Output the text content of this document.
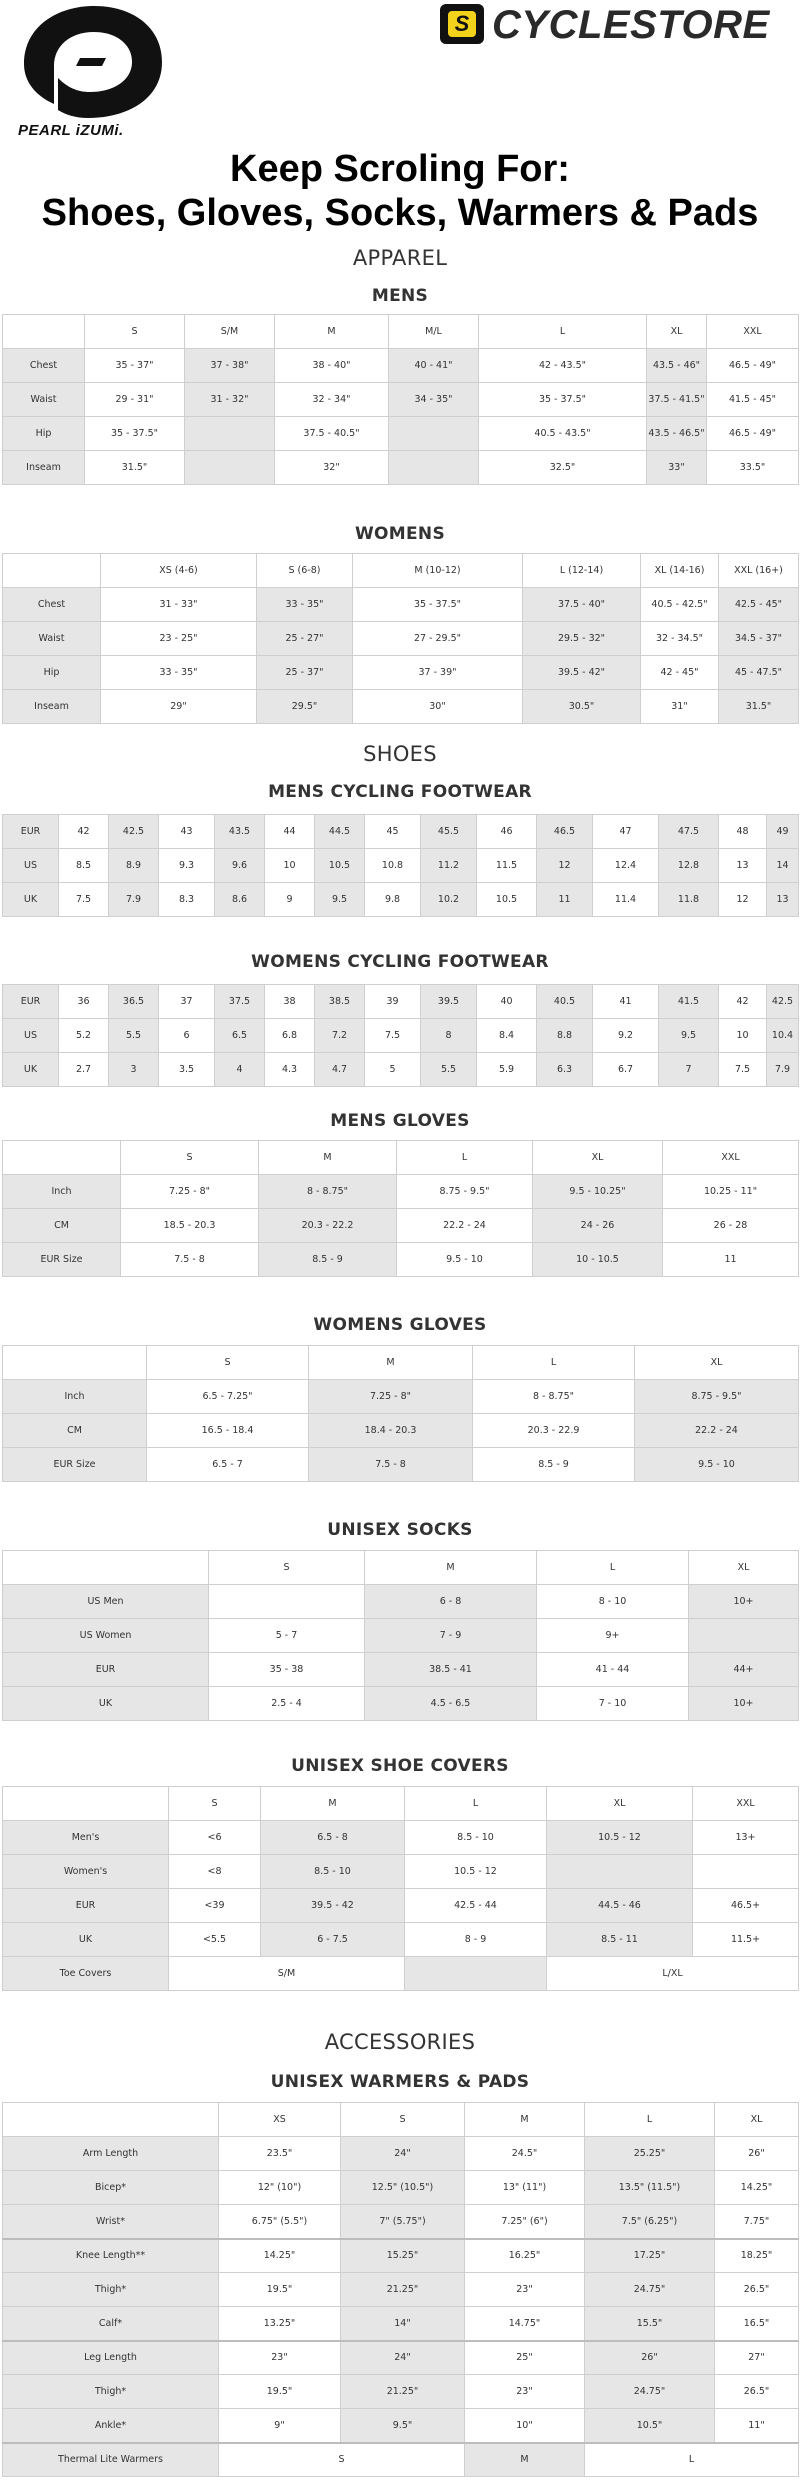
PEARL iZUMi.
S CYCLESTORE
Keep Scroling For:
Shoes, Gloves, Socks, Warmers & Pads
APPAREL
MENS
	S	S/M	M	M/L	L	XL	XXL
Chest	35 - 37"	37 - 38"	38 - 40"	40 - 41"	42 - 43.5"	43.5 - 46"	46.5 - 49"
Waist	29 - 31"	31 - 32"	32 - 34"	34 - 35"	35 - 37.5"	37.5 - 41.5"	41.5 - 45"
Hip	35 - 37.5"		37.5 - 40.5"		40.5 - 43.5"	43.5 - 46.5"	46.5 - 49"
Inseam	31.5"		32"		32.5"	33"	33.5"
WOMENS
	XS (4-6)	S (6-8)	M (10-12)	L (12-14)	XL (14-16)	XXL (16+)
Chest	31 - 33"	33 - 35"	35 - 37.5"	37.5 - 40"	40.5 - 42.5"	42.5 - 45"
Waist	23 - 25"	25 - 27"	27 - 29.5"	29.5 - 32"	32 - 34.5"	34.5 - 37"
Hip	33 - 35"	25 - 37"	37 - 39"	39.5 - 42"	42 - 45"	45 - 47.5"
Inseam	29"	29.5"	30"	30.5"	31"	31.5"
SHOES
MENS CYCLING FOOTWEAR
EUR	42	42.5	43	43.5	44	44.5	45	45.5	46	46.5	47	47.5	48	49
US	8.5	8.9	9.3	9.6	10	10.5	10.8	11.2	11.5	12	12.4	12.8	13	14
UK	7.5	7.9	8.3	8.6	9	9.5	9.8	10.2	10.5	11	11.4	11.8	12	13
WOMENS CYCLING FOOTWEAR
EUR	36	36.5	37	37.5	38	38.5	39	39.5	40	40.5	41	41.5	42	42.5
US	5.2	5.5	6	6.5	6.8	7.2	7.5	8	8.4	8.8	9.2	9.5	10	10.4
UK	2.7	3	3.5	4	4.3	4.7	5	5.5	5.9	6.3	6.7	7	7.5	7.9
MENS GLOVES
	S	M	L	XL	XXL
Inch	7.25 - 8"	8 - 8.75"	8.75 - 9.5"	9.5 - 10.25"	10.25 - 11"
CM	18.5 - 20.3	20.3 - 22.2	22.2 - 24	24 - 26	26 - 28
EUR Size	7.5 - 8	8.5 - 9	9.5 - 10	10 - 10.5	11
WOMENS GLOVES
	S	M	L	XL
Inch	6.5 - 7.25"	7.25 - 8"	8 - 8.75"	8.75 - 9.5"
CM	16.5 - 18.4	18.4 - 20.3	20.3 - 22.9	22.2 - 24
EUR Size	6.5 - 7	7.5 - 8	8.5 - 9	9.5 - 10
UNISEX SOCKS
	S	M	L	XL
US Men		6 - 8	8 - 10	10+
US Women	5 - 7	7 - 9	9+	
EUR	35 - 38	38.5 - 41	41 - 44	44+
UK	2.5 - 4	4.5 - 6.5	7 - 10	10+
UNISEX SHOE COVERS
	S	M	L	XL	XXL
Men's	<6	6.5 - 8	8.5 - 10	10.5 - 12	13+
Women's	<8	8.5 - 10	10.5 - 12		
EUR	<39	39.5 - 42	42.5 - 44	44.5 - 46	46.5+
UK	<5.5	6 - 7.5	8 - 9	8.5 - 11	11.5+
Toe Covers	S/M			L/XL	
ACCESSORIES
UNISEX WARMERS & PADS
	XS	S	M	L	XL
Arm Length	23.5"	24"	24.5"	25.25"	26"
Bicep*	12" (10")	12.5" (10.5")	13" (11")	13.5" (11.5")	14.25"
Wrist*	6.75" (5.5")	7" (5.75")	7.25" (6")	7.5" (6.25")	7.75"
Knee Length**	14.25"	15.25"	16.25"	17.25"	18.25"
Thigh*	19.5"	21.25"	23"	24.75"	26.5"
Calf*	13.25"	14"	14.75"	15.5"	16.5"
Leg Length	23"	24"	25"	26"	27"
Thigh*	19.5"	21.25"	23"	24.75"	26.5"
Ankle*	9"	9.5"	10"	10.5"	11"
Thermal Lite Warmers	S		M	L	
